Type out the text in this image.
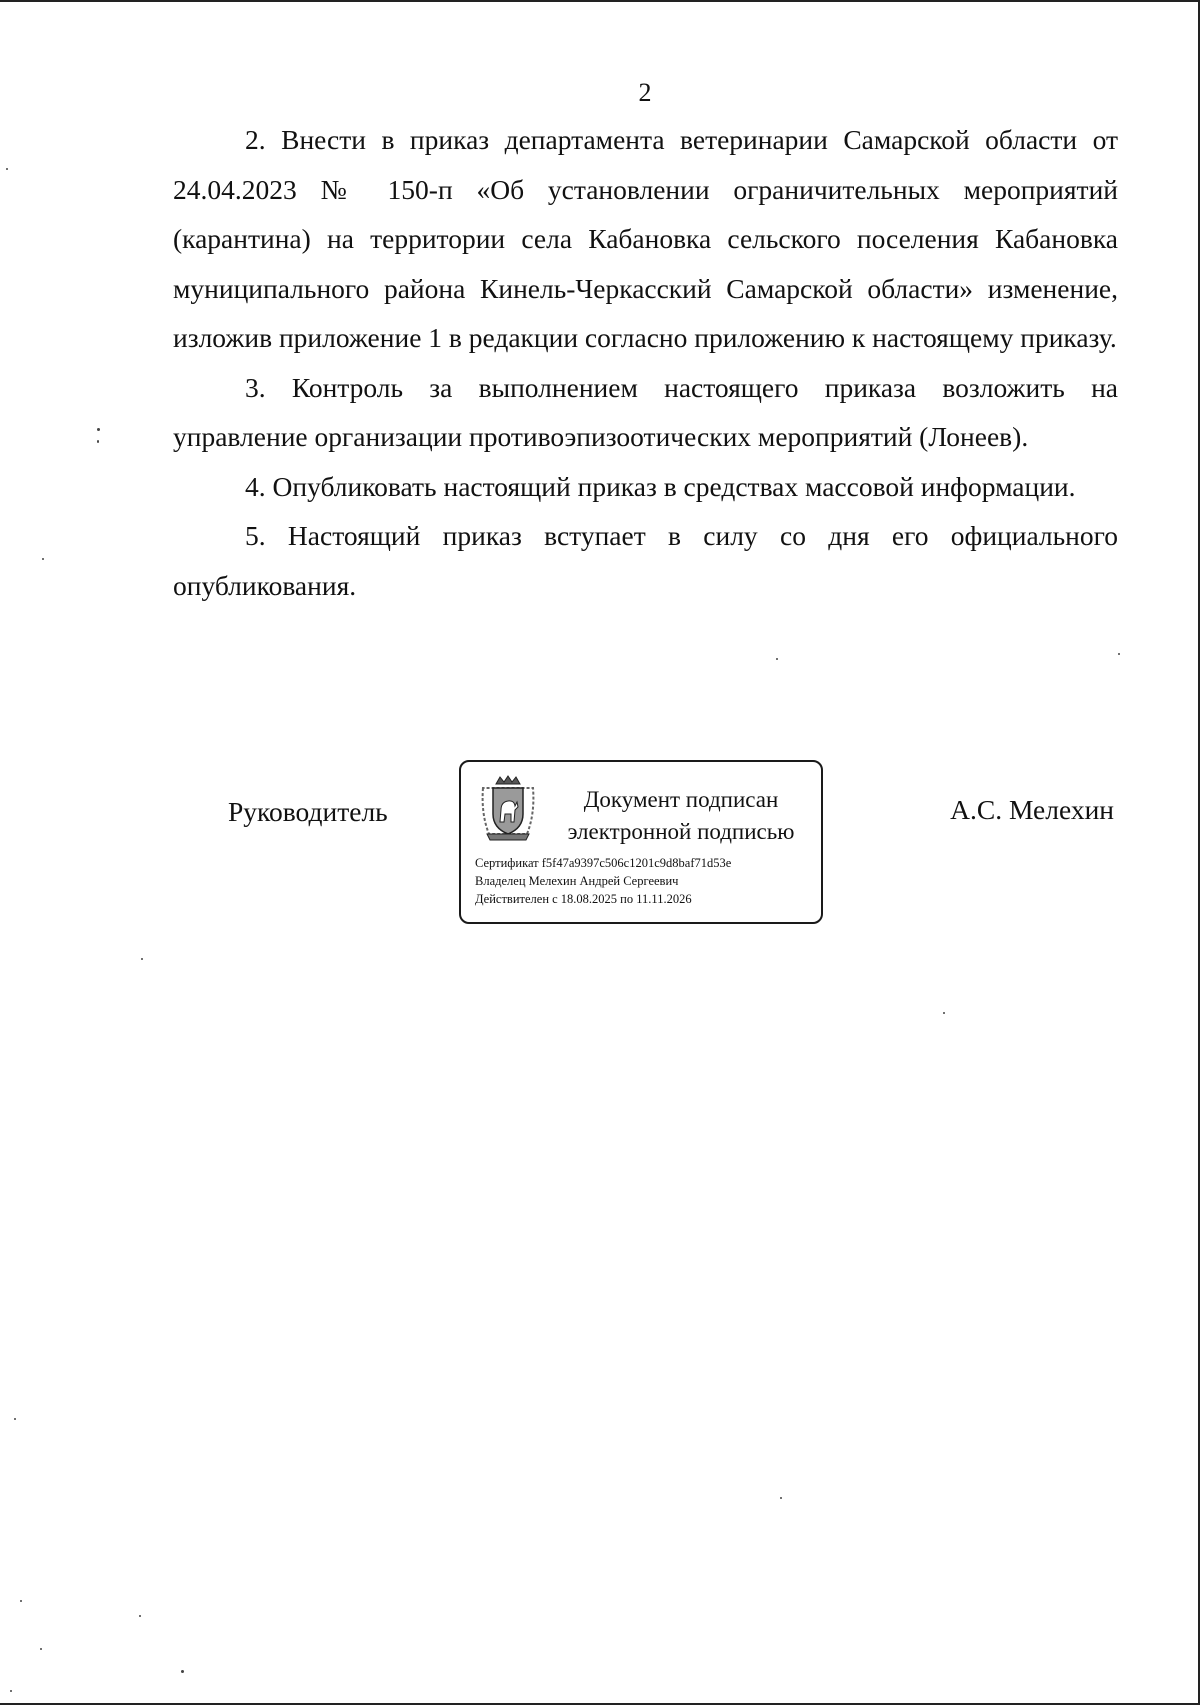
2

2. Внести в приказ департамента ветеринарии Самарской области от 24.04.2023 № 150-п «Об установлении ограничительных мероприятий (карантина) на территории села Кабановка сельского поселения Кабановка муниципального района Кинель-Черкасский Самарской области» изменение, изложив приложение 1 в редакции согласно приложению к настоящему приказу.

3. Контроль за выполнением настоящего приказа возложить на управление организации противоэпизоотических мероприятий (Лонеев).

4. Опубликовать настоящий приказ в средствах массовой информации.

5. Настоящий приказ вступает в силу со дня его официального опубликования.

Руководитель	Документ подписан
электронной подписью
Сертификат f5f47a9397c506c1201c9d8baf71d53e
Владелец Мелехин Андрей Сергеевич
Действителен с 18.08.2025 по 11.11.2026
А.С. Мелехин
